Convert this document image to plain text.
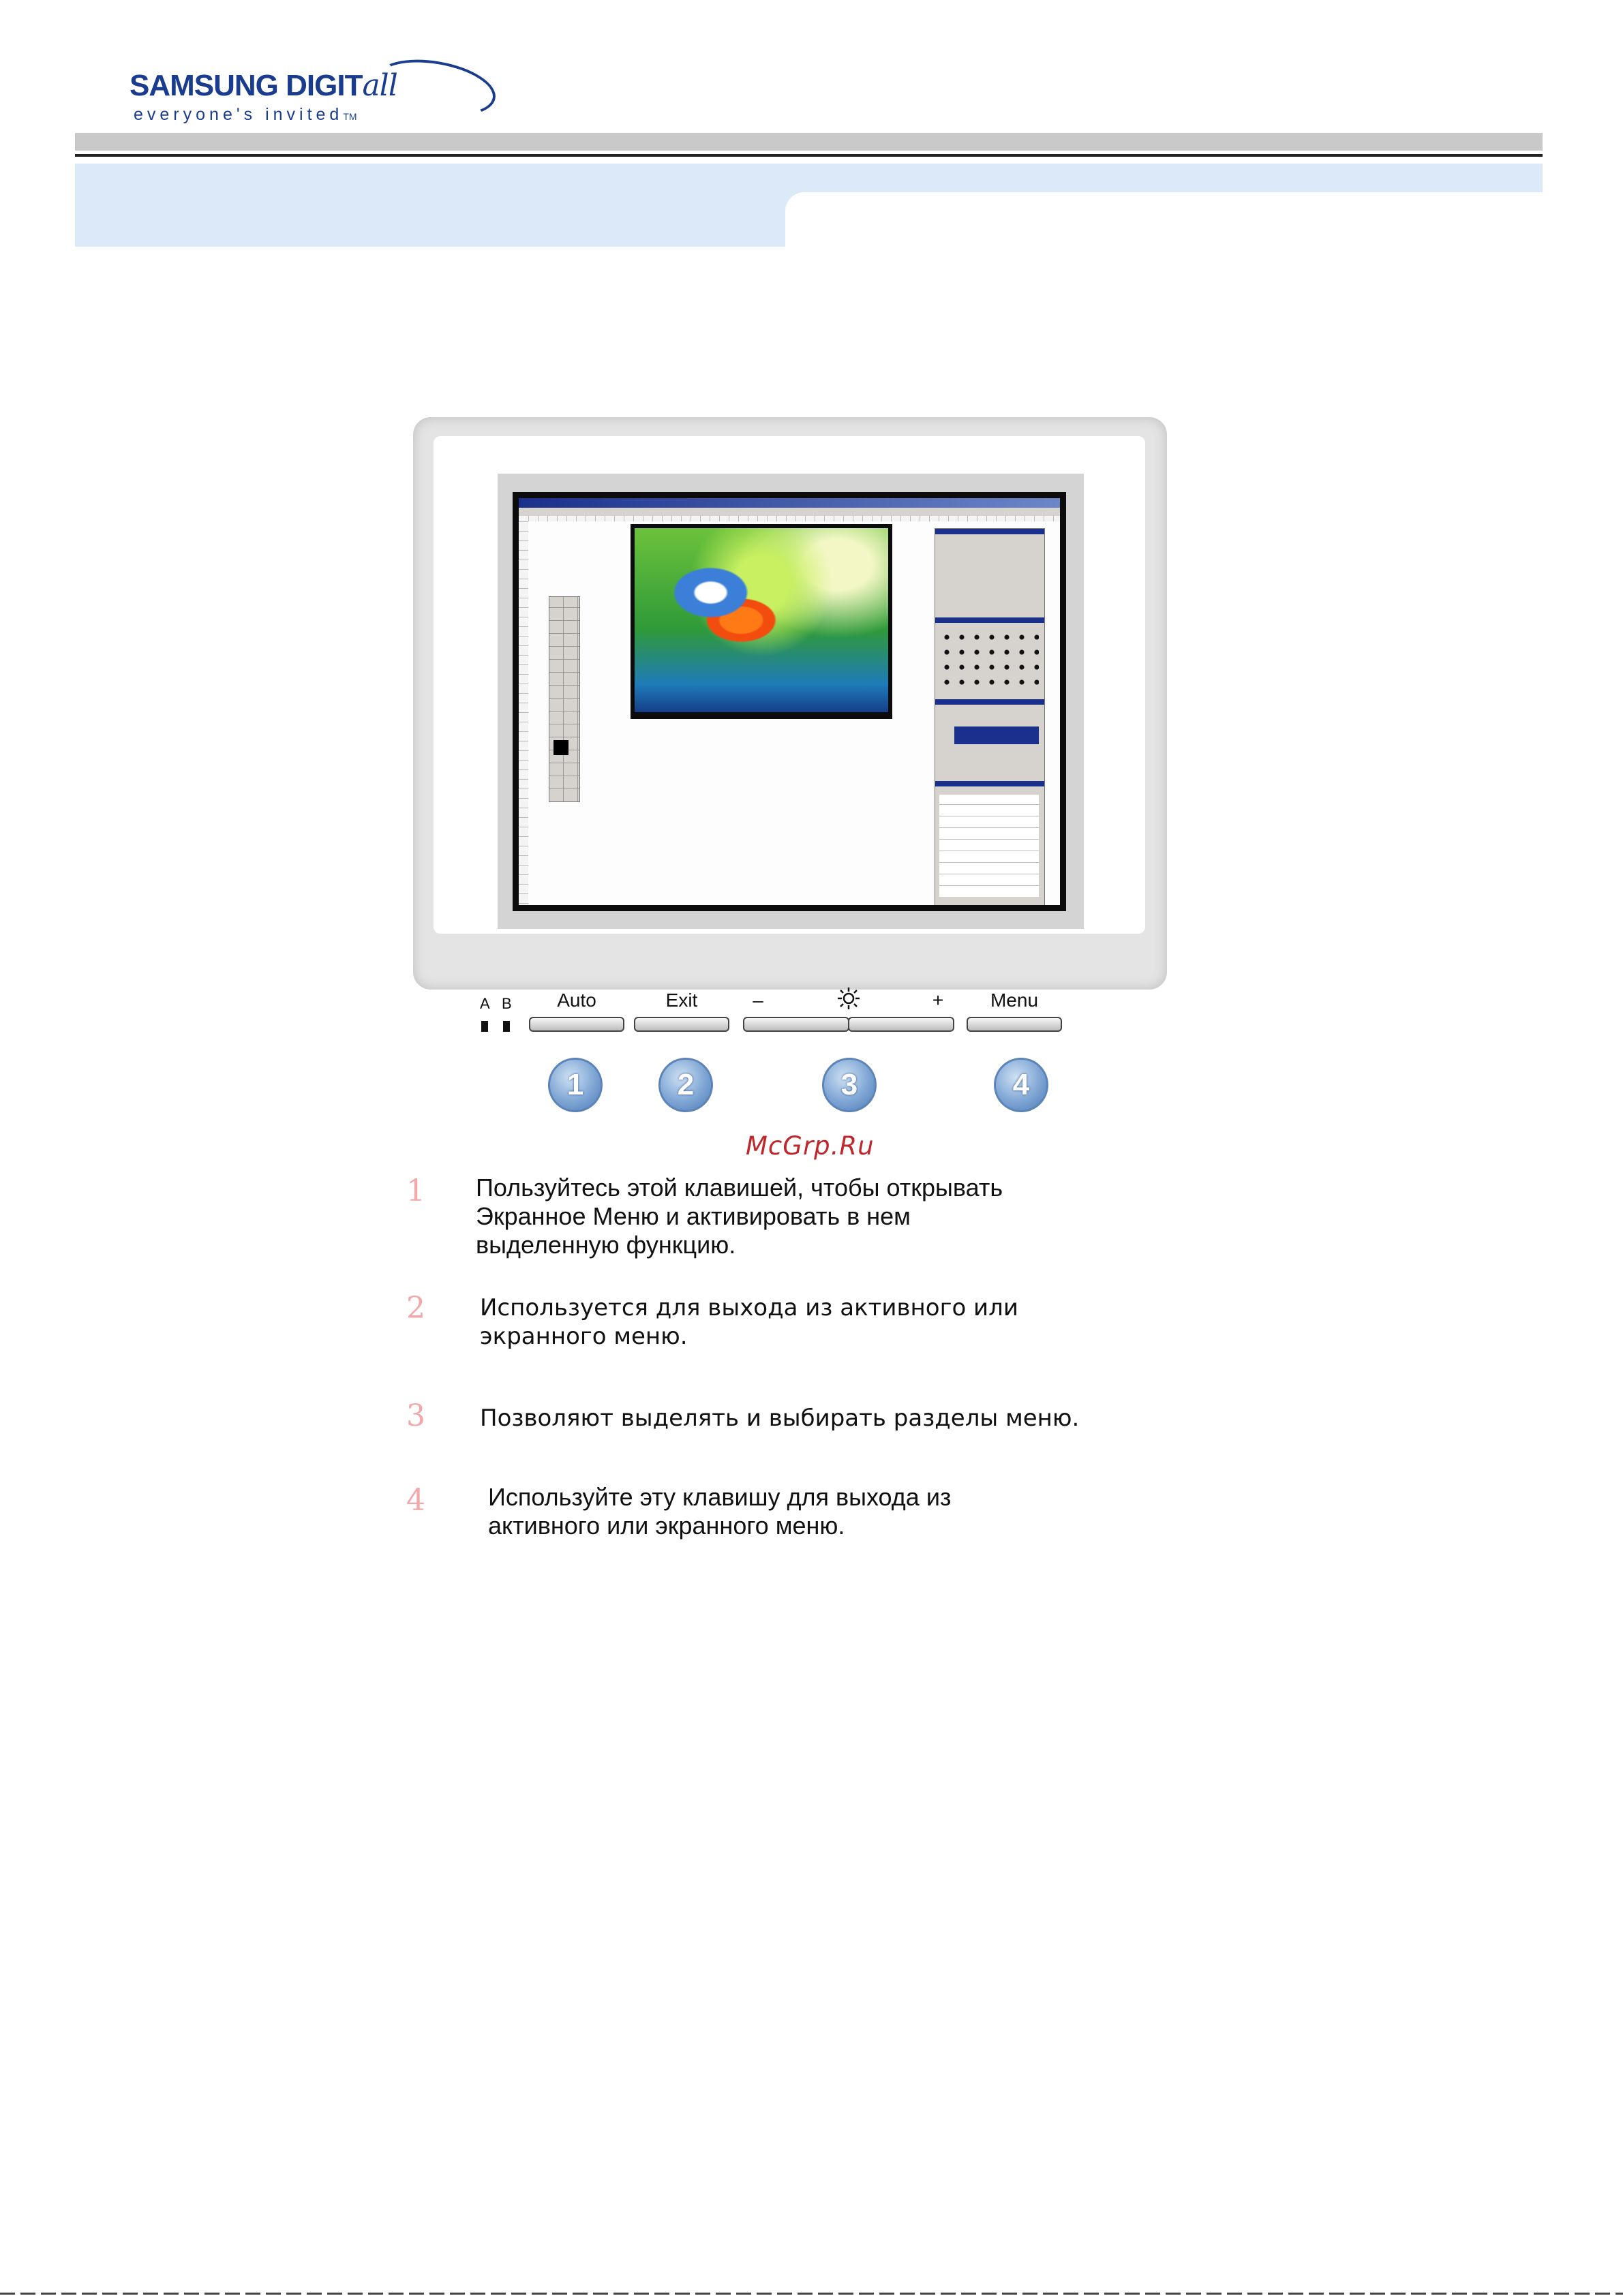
SAMSUNG DIGITall
everyone's invitedTM
A B	Auto	Exit	–	+	Menu
1	2	3	4
McGrp.Ru
1 Пользуйтесь этой клавишей, чтобы открывать
Экранное Меню и активировать в нем
выделенную функцию.
2 Используется для выхода из активного или
экранного меню.
3 Позволяют выделять и выбирать разделы меню.
4	Используйте эту клавишу для выхода из
активного или экранного меню.
